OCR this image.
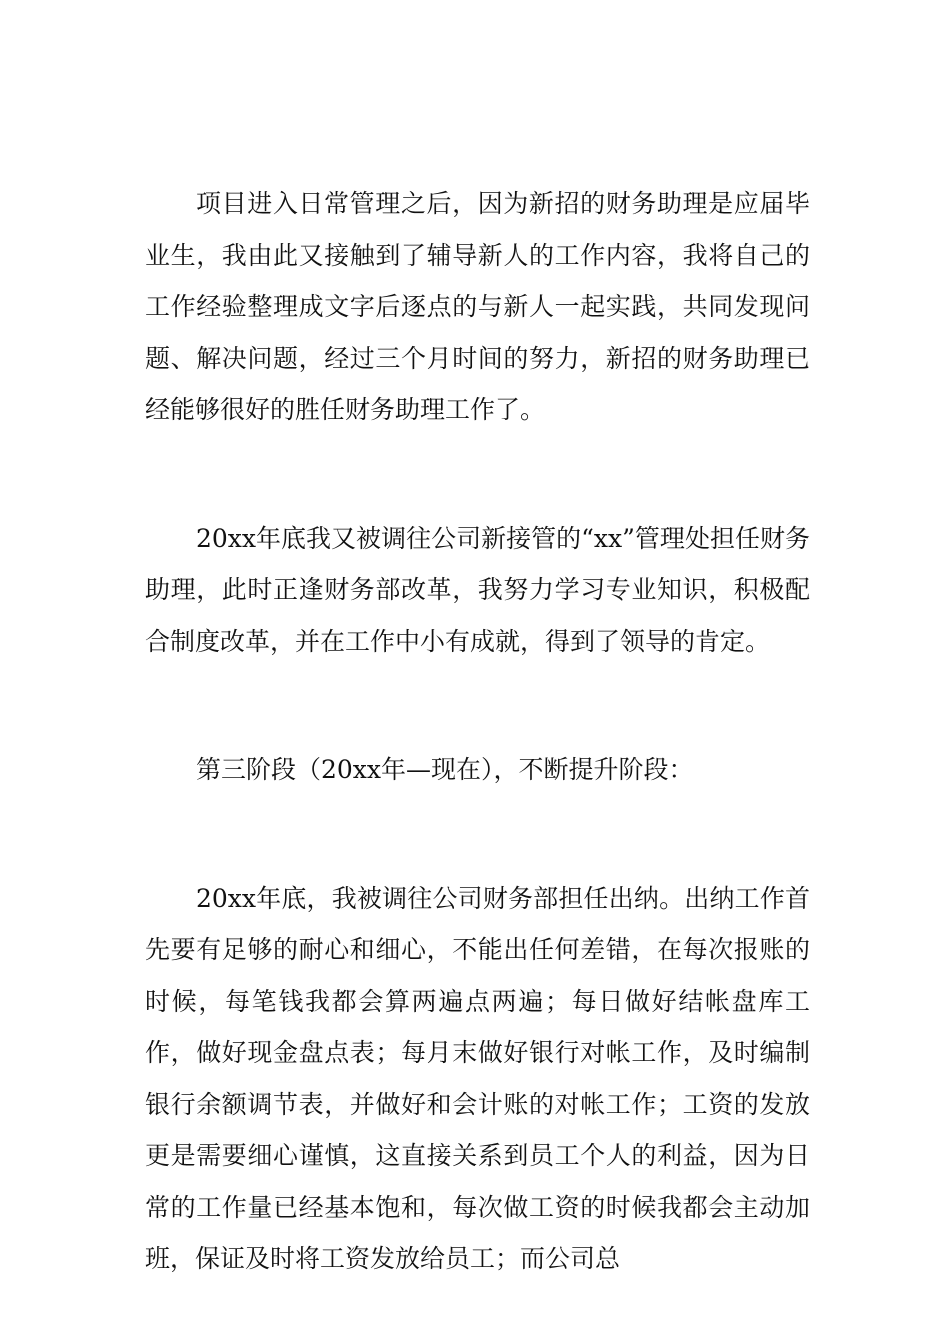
项目进入日常管理之后，因为新招的财务助理是应届毕业生，我由此又接触到了辅导新人的工作内容，我将自己的工作经验整理成文字后逐点的与新人一起实践，共同发现问题、解决问题，经过三个月时间的努力，新招的财务助理已经能够很好的胜任财务助理工作了。

20xx年底我又被调往公司新接管的“xx”管理处担任财务助理，此时正逢财务部改革，我努力学习专业知识，积极配合制度改革，并在工作中小有成就，得到了领导的肯定。

第三阶段（20xx年—现在），不断提升阶段：

20xx年底，我被调往公司财务部担任出纳。出纳工作首先要有足够的耐心和细心，不能出任何差错，在每次报账的时候，每笔钱我都会算两遍点两遍；每日做好结帐盘库工作，做好现金盘点表；每月末做好银行对帐工作，及时编制银行余额调节表，并做好和会计账的对帐工作；工资的发放更是需要细心谨慎，这直接关系到员工个人的利益，因为日常的工作量已经基本饱和，每次做工资的时候我都会主动加班，保证及时将工资发放给员工；而公司总
